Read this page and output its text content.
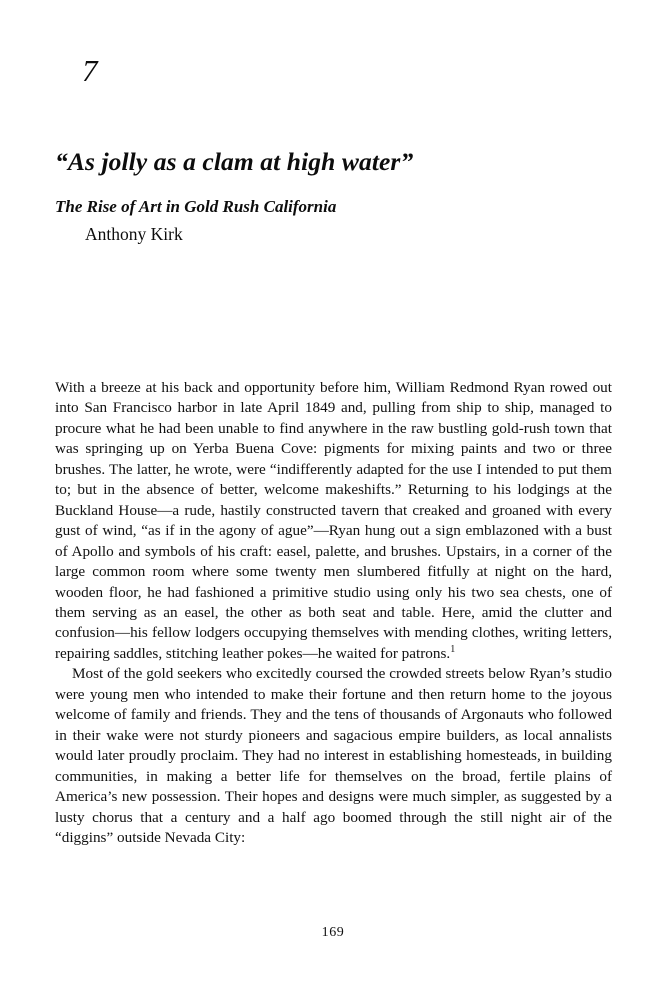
7
“As jolly as a clam at high water”
The Rise of Art in Gold Rush California
Anthony Kirk

With a breeze at his back and opportunity before him, William Redmond Ryan rowed out into San Francisco harbor in late April 1849 and, pulling from ship to ship, managed to procure what he had been unable to find anywhere in the raw bustling gold-rush town that was springing up on Yerba Buena Cove: pigments for mixing paints and two or three brushes. The latter, he wrote, were “indifferently adapted for the use I intended to put them to; but in the absence of better, welcome makeshifts.” Returning to his lodgings at the Buckland House—a rude, hastily constructed tavern that creaked and groaned with every gust of wind, “as if in the agony of ague”—Ryan hung out a sign emblazoned with a bust of Apollo and symbols of his craft: easel, palette, and brushes. Upstairs, in a corner of the large common room where some twenty men slumbered fitfully at night on the hard, wooden floor, he had fashioned a primitive studio using only his two sea chests, one of them serving as an easel, the other as both seat and table. Here, amid the clutter and confusion—his fellow lodgers occupying themselves with mending clothes, writing letters, repairing saddles, stitching leather pokes—he waited for patrons.$^1$

Most of the gold seekers who excitedly coursed the crowded streets below Ryan’s studio were young men who intended to make their fortune and then return home to the joyous welcome of family and friends. They and the tens of thousands of Argonauts who followed in their wake were not sturdy pioneers and sagacious empire builders, as local annalists would later proudly proclaim. They had no interest in establishing homesteads, in building communities, in making a better life for themselves on the broad, fertile plains of America’s new possession. Their hopes and designs were much simpler, as suggested by a lusty chorus that a century and a half ago boomed through the still night air of the “diggins” outside Nevada City:

169
